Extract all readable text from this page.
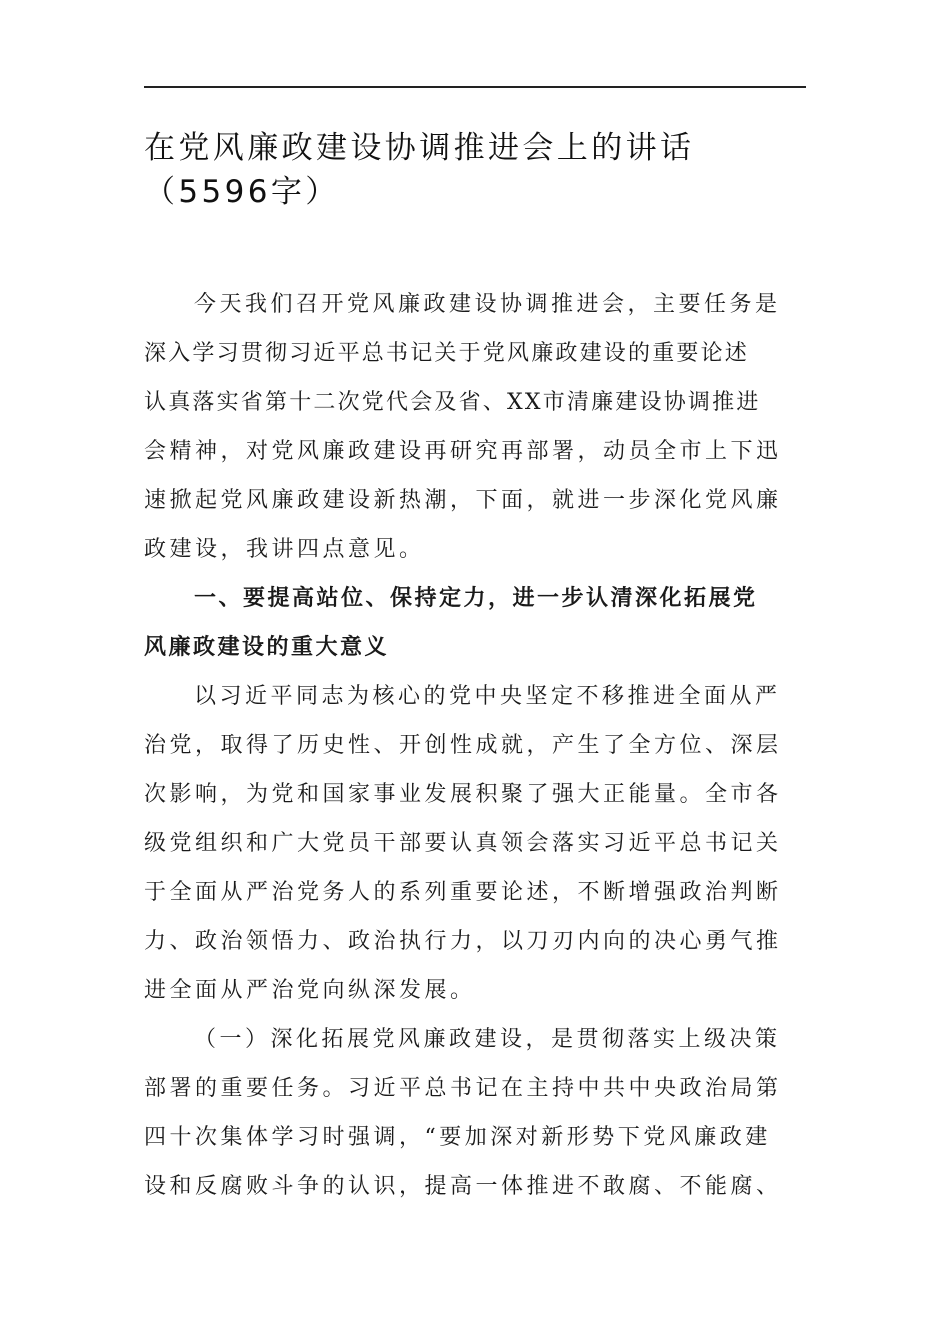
在党风廉政建设协调推进会上的讲话
（5596字）
今天我们召开党风廉政建设协调推进会，主要任务是
深入学习贯彻习近平总书记关于党风廉政建设的重要论述
认真落实省第十二次党代会及省、XX市清廉建设协调推进
会精神，对党风廉政建设再研究再部署，动员全市上下迅
速掀起党风廉政建设新热潮，下面，就进一步深化党风廉
政建设，我讲四点意见。
一、要提高站位、保持定力，进一步认清深化拓展党
风廉政建设的重大意义
以习近平同志为核心的党中央坚定不移推进全面从严
治党，取得了历史性、开创性成就，产生了全方位、深层
次影响，为党和国家事业发展积聚了强大正能量。全市各
级党组织和广大党员干部要认真领会落实习近平总书记关
于全面从严治党务人的系列重要论述，不断增强政治判断
力、政治领悟力、政治执行力，以刀刃内向的决心勇气推
进全面从严治党向纵深发展。
（一）深化拓展党风廉政建设，是贯彻落实上级决策
部署的重要任务。习近平总书记在主持中共中央政治局第
四十次集体学习时强调，“要加深对新形势下党风廉政建
设和反腐败斗争的认识，提高一体推进不敢腐、不能腐、
